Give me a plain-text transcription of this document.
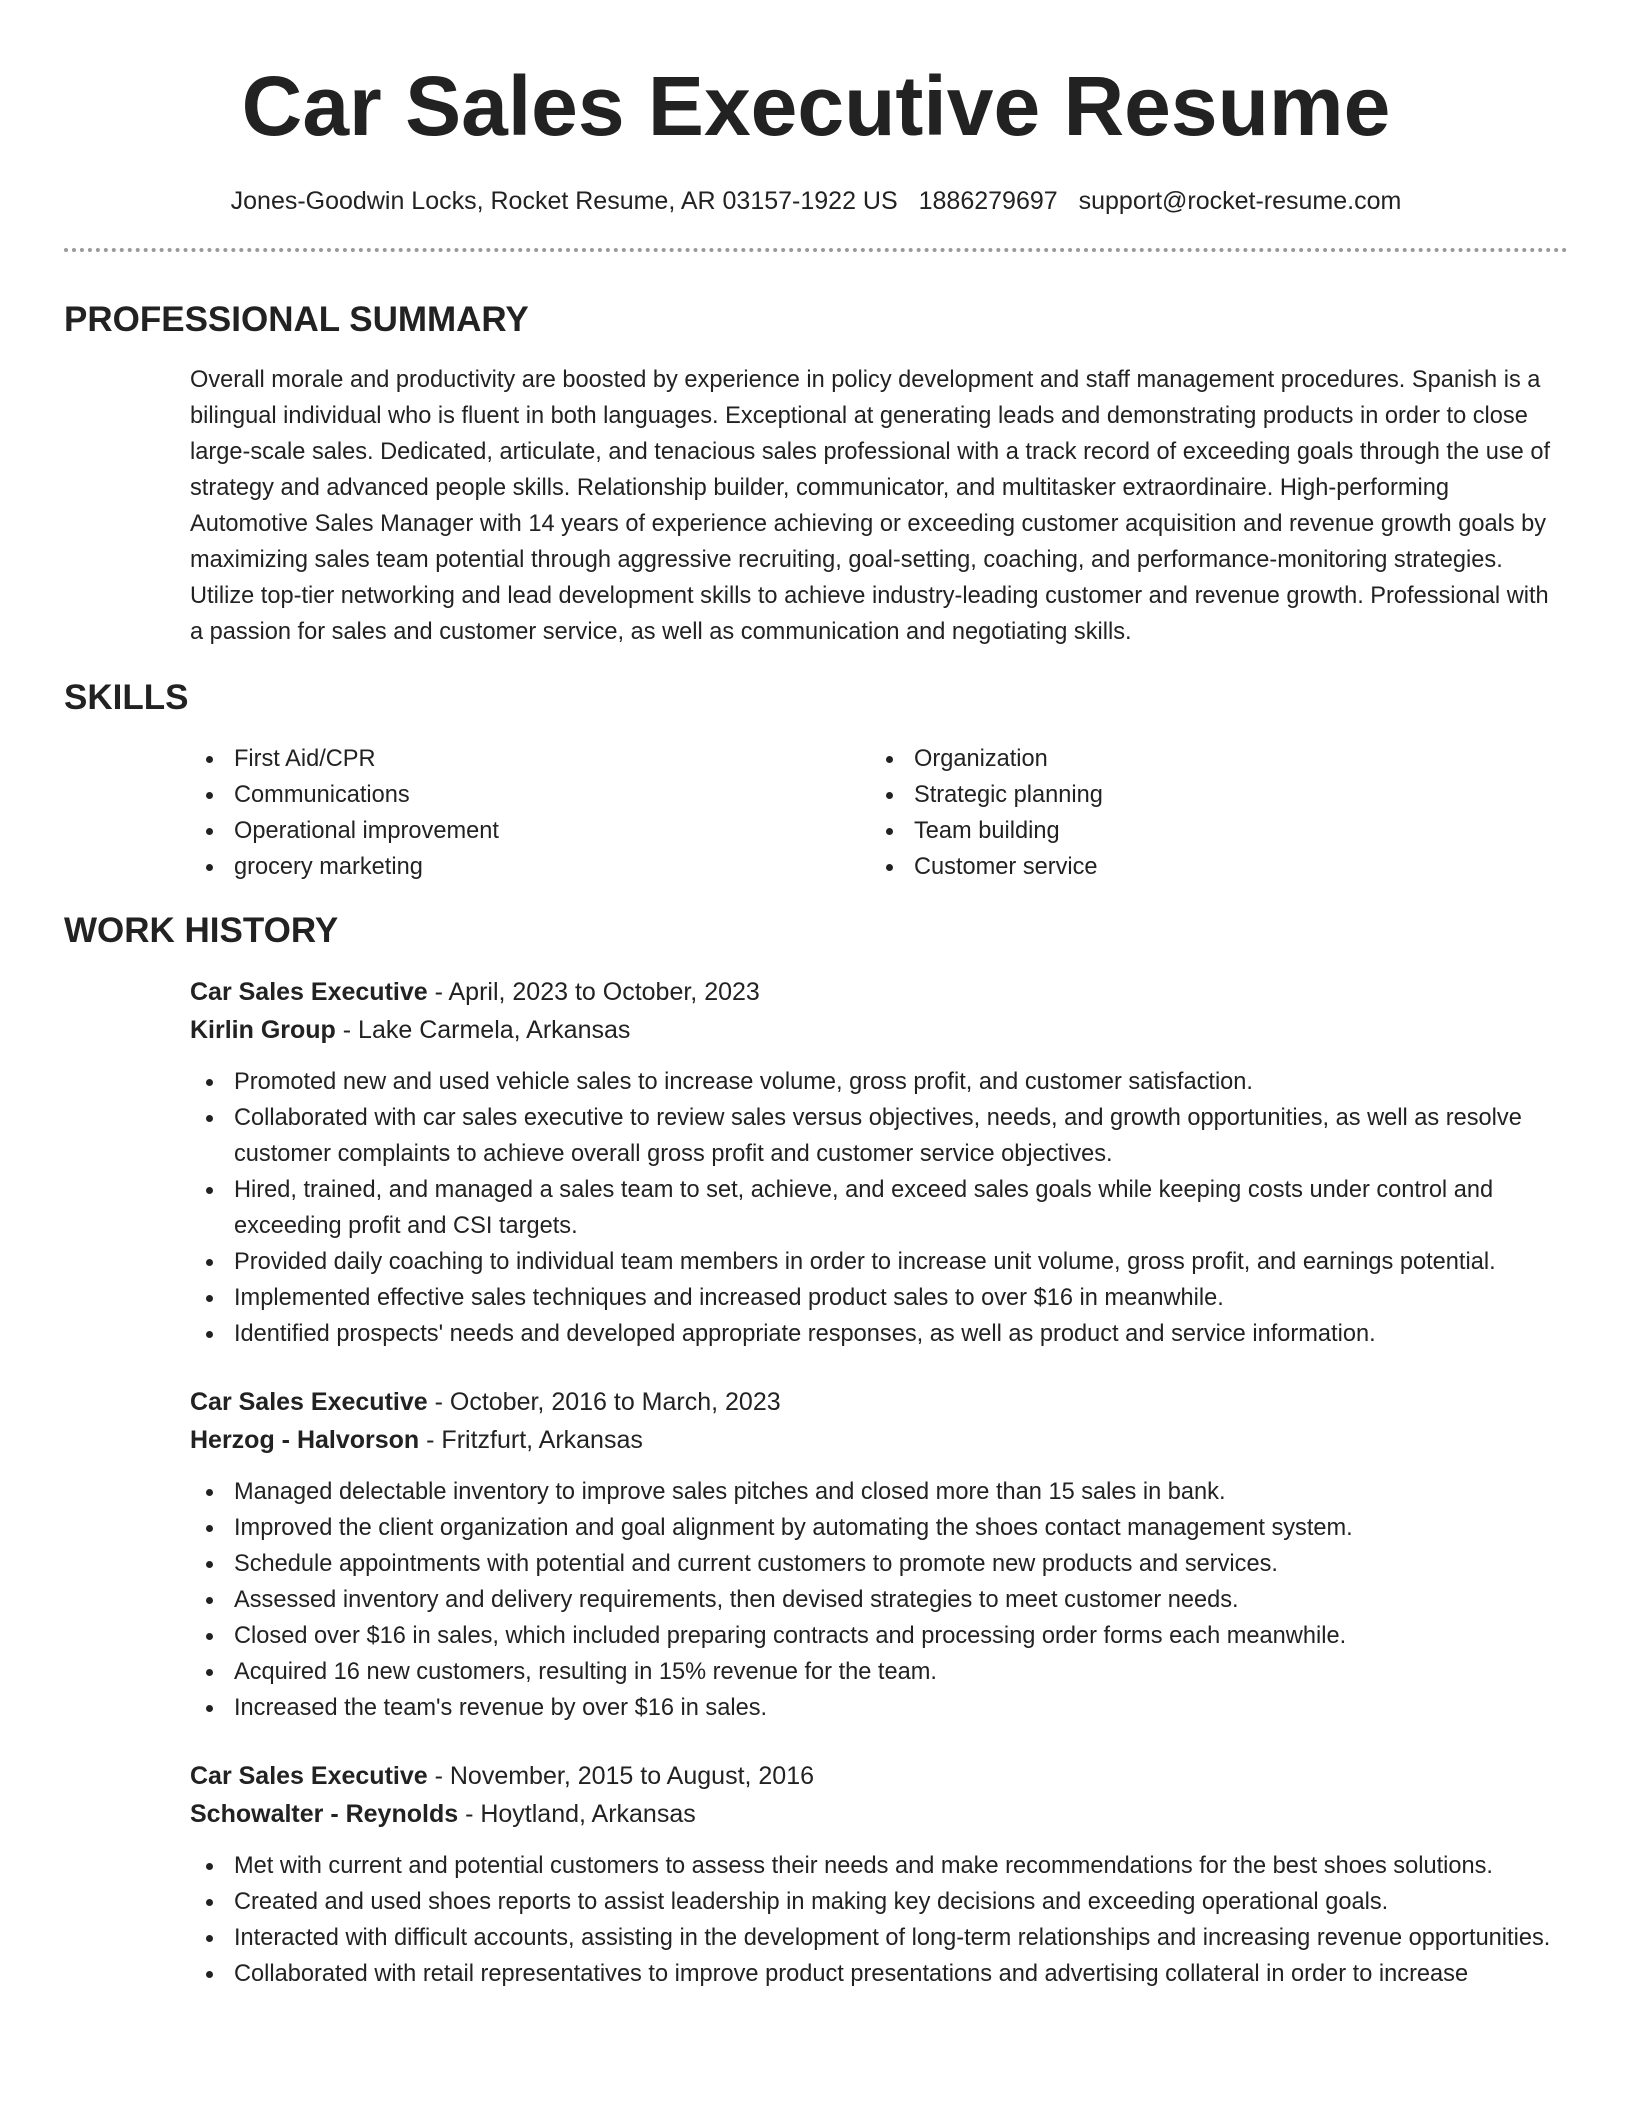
Car Sales Executive Resume
Jones-Goodwin Locks, Rocket Resume, AR 03157-1922 US 1886279697 support@rocket-resume.com
PROFESSIONAL SUMMARY

Overall morale and productivity are boosted by experience in policy development and staff management procedures. Spanish is a bilingual individual who is fluent in both languages. Exceptional at generating leads and demonstrating products in order to close large-scale sales. Dedicated, articulate, and tenacious sales professional with a track record of exceeding goals through the use of strategy and advanced people skills. Relationship builder, communicator, and multitasker extraordinaire. High-performing Automotive Sales Manager with 14 years of experience achieving or exceeding customer acquisition and revenue growth goals by maximizing sales team potential through aggressive recruiting, goal-setting, coaching, and performance-monitoring strategies. Utilize top-tier networking and lead development skills to achieve industry-leading customer and revenue growth. Professional with a passion for sales and customer service, as well as communication and negotiating skills.

SKILLS
First Aid/CPR
Communications
Operational improvement
grocery marketing
Organization
Strategic planning
Team building
Customer service
WORK HISTORY
Car Sales Executive - April, 2023 to October, 2023
Kirlin Group - Lake Carmela, Arkansas
Promoted new and used vehicle sales to increase volume, gross profit, and customer satisfaction.
Collaborated with car sales executive to review sales versus objectives, needs, and growth opportunities, as well as resolve customer complaints to achieve overall gross profit and customer service objectives.
Hired, trained, and managed a sales team to set, achieve, and exceed sales goals while keeping costs under control and exceeding profit and CSI targets.
Provided daily coaching to individual team members in order to increase unit volume, gross profit, and earnings potential.
Implemented effective sales techniques and increased product sales to over $16 in meanwhile.
Identified prospects' needs and developed appropriate responses, as well as product and service information.
Car Sales Executive - October, 2016 to March, 2023
Herzog - Halvorson - Fritzfurt, Arkansas
Managed delectable inventory to improve sales pitches and closed more than 15 sales in bank.
Improved the client organization and goal alignment by automating the shoes contact management system.
Schedule appointments with potential and current customers to promote new products and services.
Assessed inventory and delivery requirements, then devised strategies to meet customer needs.
Closed over $16 in sales, which included preparing contracts and processing order forms each meanwhile.
Acquired 16 new customers, resulting in 15% revenue for the team.
Increased the team's revenue by over $16 in sales.
Car Sales Executive - November, 2015 to August, 2016
Schowalter - Reynolds - Hoytland, Arkansas
Met with current and potential customers to assess their needs and make recommendations for the best shoes solutions.
Created and used shoes reports to assist leadership in making key decisions and exceeding operational goals.
Interacted with difficult accounts, assisting in the development of long-term relationships and increasing revenue opportunities.
Collaborated with retail representatives to improve product presentations and advertising collateral in order to increase
